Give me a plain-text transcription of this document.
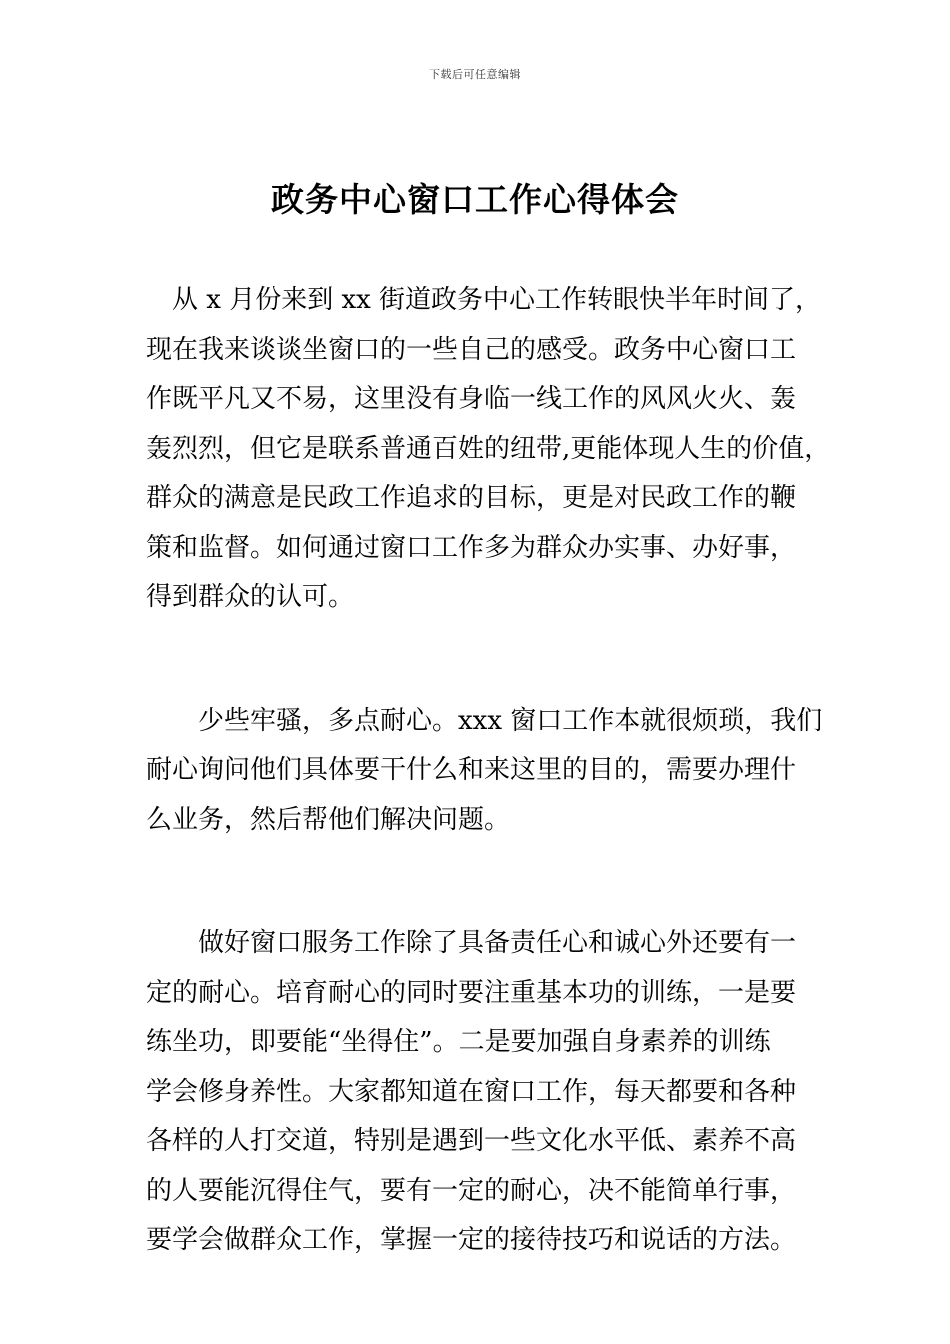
下载后可任意编辑
政务中心窗口工作心得体会

　从 x 月份来到 xx 街道政务中心工作转眼快半年时间了，
现在我来谈谈坐窗口的一些自己的感受。政务中心窗口工
作既平凡又不易，这里没有身临一线工作的风风火火、轰
轰烈烈，但它是联系普通百姓的纽带,更能体现人生的价值，
群众的满意是民政工作追求的目标，更是对民政工作的鞭
策和监督。如何通过窗口工作多为群众办实事、办好事，
得到群众的认可。

　　少些牢骚，多点耐心。xxx 窗口工作本就很烦琐，我们
耐心询问他们具体要干什么和来这里的目的，需要办理什
么业务，然后帮他们解决问题。

　　做好窗口服务工作除了具备责任心和诚心外还要有一
定的耐心。培育耐心的同时要注重基本功的训练，一是要
练坐功，即要能“坐得住”。二是要加强自身素养的训练
学会修身养性。大家都知道在窗口工作，每天都要和各种
各样的人打交道，特别是遇到一些文化水平低、素养不高
的人要能沉得住气，要有一定的耐心，决不能简单行事，
要学会做群众工作，掌握一定的接待技巧和说话的方法。
